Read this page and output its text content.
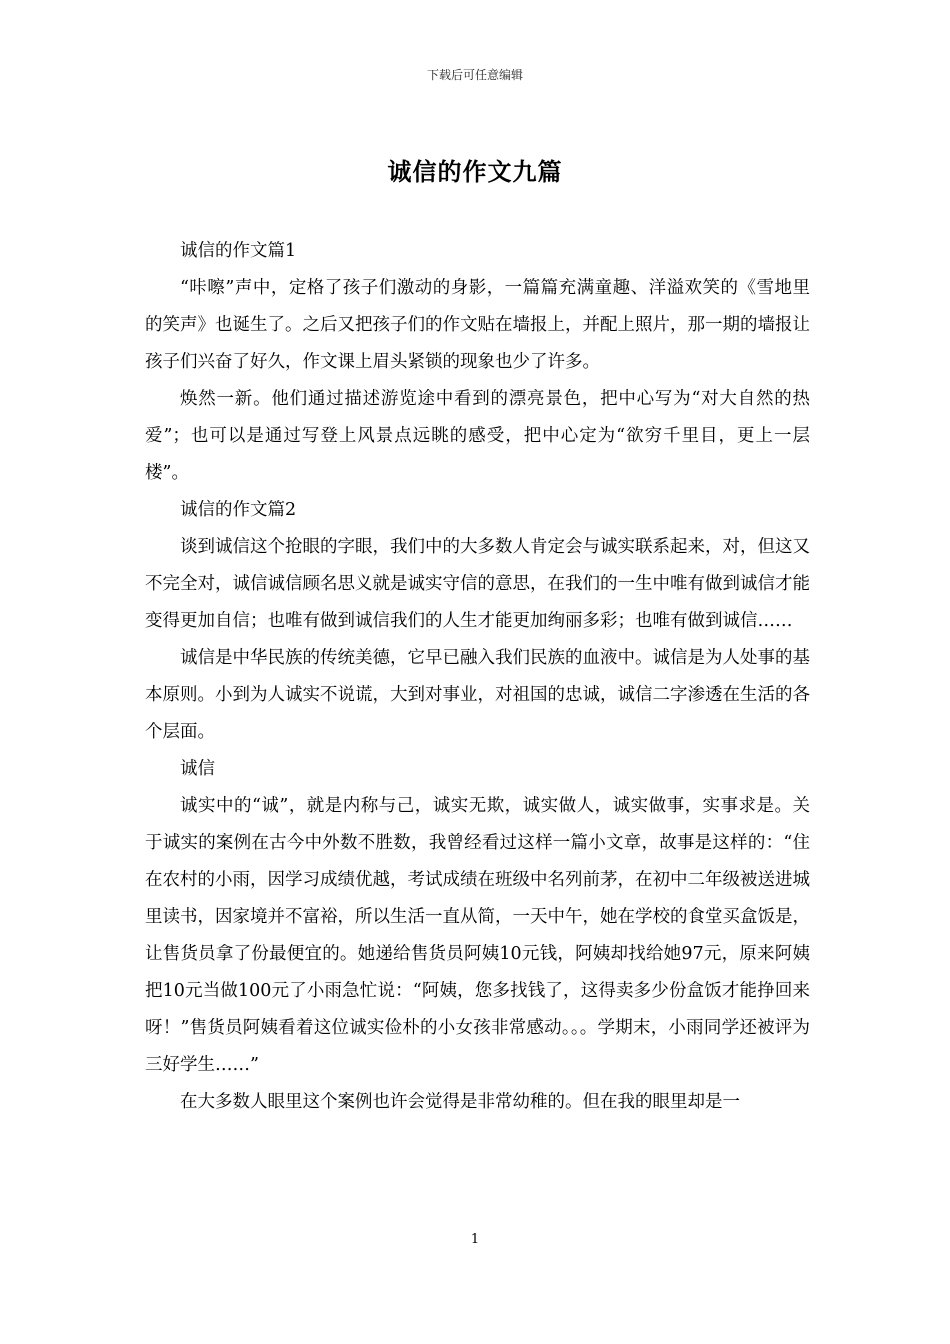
下载后可任意编辑
诚信的作文九篇

诚信的作文篇1

“咔嚓”声中，定格了孩子们激动的身影，一篇篇充满童趣、洋溢欢笑的《雪地里的笑声》也诞生了。之后又把孩子们的作文贴在墙报上，并配上照片，那一期的墙报让孩子们兴奋了好久，作文课上眉头紧锁的现象也少了许多。

焕然一新。他们通过描述游览途中看到的漂亮景色，把中心写为“对大自然的热爱”；也可以是通过写登上风景点远眺的感受，把中心定为“欲穷千里目，更上一层楼”。

诚信的作文篇2

谈到诚信这个抢眼的字眼，我们中的大多数人肯定会与诚实联系起来，对，但这又不完全对，诚信诚信顾名思义就是诚实守信的意思，在我们的一生中唯有做到诚信才能变得更加自信；也唯有做到诚信我们的人生才能更加绚丽多彩；也唯有做到诚信……

诚信是中华民族的传统美德，它早已融入我们民族的血液中。诚信是为人处事的基本原则。小到为人诚实不说谎，大到对事业，对祖国的忠诚，诚信二字渗透在生活的各个层面。

诚信

诚实中的“诚”，就是内称与己，诚实无欺，诚实做人，诚实做事，实事求是。关于诚实的案例在古今中外数不胜数，我曾经看过这样一篇小文章，故事是这样的：“住在农村的小雨，因学习成绩优越，考试成绩在班级中名列前茅，在初中二年级被送进城里读书，因家境并不富裕，所以生活一直从简，一天中午，她在学校的食堂买盒饭是，让售货员拿了份最便宜的。她递给售货员阿姨10元钱，阿姨却找给她97元，原来阿姨把10元当做100元了小雨急忙说：“阿姨，您多找钱了，这得卖多少份盒饭才能挣回来呀！”售货员阿姨看着这位诚实俭朴的小女孩非常感动。。。学期末，小雨同学还被评为三好学生……”

在大多数人眼里这个案例也许会觉得是非常幼稚的。但在我的眼里却是一

1
